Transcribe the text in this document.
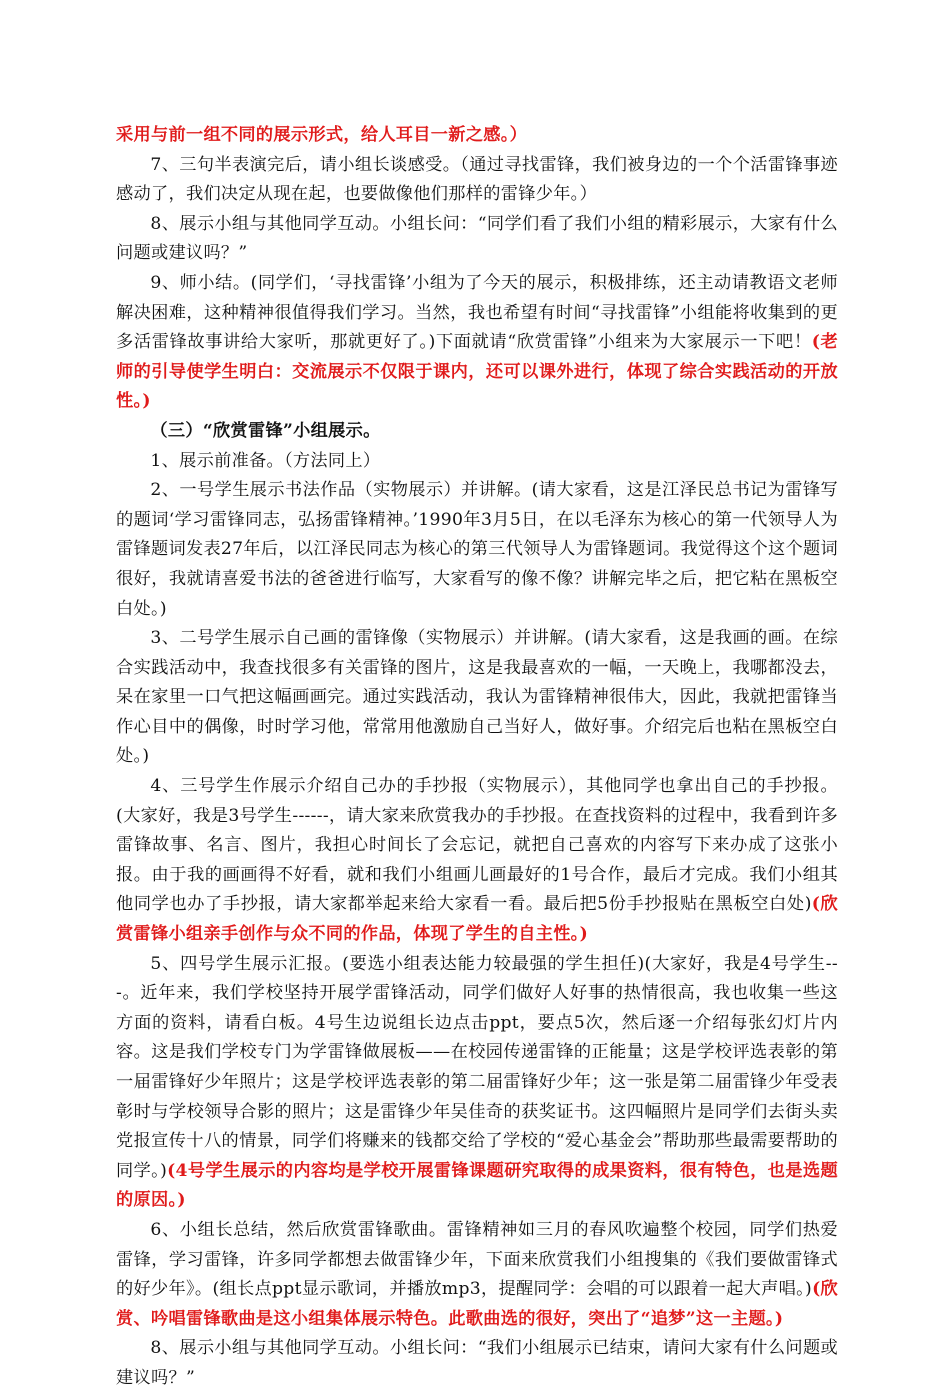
采用与前一组不同的展示形式，给人耳目一新之感。）

7、三句半表演完后，请小组长谈感受。（通过寻找雷锋，我们被身边的一个个活雷锋事迹感动了，我们决定从现在起，也要做像他们那样的雷锋少年。）

8、展示小组与其他同学互动。小组长问：“同学们看了我们小组的精彩展示，大家有什么问题或建议吗？”

9、师小结。(同学们，‘寻找雷锋’小组为了今天的展示，积极排练，还主动请教语文老师解决困难，这种精神很值得我们学习。当然，我也希望有时间“寻找雷锋”小组能将收集到的更多活雷锋故事讲给大家听，那就更好了。)下面就请“欣赏雷锋”小组来为大家展示一下吧！(老师的引导使学生明白：交流展示不仅限于课内，还可以课外进行，体现了综合实践活动的开放性。)

（三）“欣赏雷锋”小组展示。

1、展示前准备。（方法同上）

2、一号学生展示书法作品（实物展示）并讲解。(请大家看，这是江泽民总书记为雷锋写的题词‘学习雷锋同志，弘扬雷锋精神。’1990年3月5日，在以毛泽东为核心的第一代领导人为雷锋题词发表27年后，以江泽民同志为核心的第三代领导人为雷锋题词。我觉得这个这个题词很好，我就请喜爱书法的爸爸进行临写，大家看写的像不像？讲解完毕之后，把它粘在黑板空白处。)

3、二号学生展示自己画的雷锋像（实物展示）并讲解。(请大家看，这是我画的画。在综合实践活动中，我查找很多有关雷锋的图片，这是我最喜欢的一幅，一天晚上，我哪都没去，呆在家里一口气把这幅画画完。通过实践活动，我认为雷锋精神很伟大，因此，我就把雷锋当作心目中的偶像，时时学习他，常常用他激励自己当好人，做好事。介绍完后也粘在黑板空白处。)

4、三号学生作展示介绍自己办的手抄报（实物展示），其他同学也拿出自己的手抄报。(大家好，我是3号学生------，请大家来欣赏我办的手抄报。在查找资料的过程中，我看到许多雷锋故事、名言、图片，我担心时间长了会忘记，就把自己喜欢的内容写下来办成了这张小报。由于我的画画得不好看，就和我们小组画儿画最好的1号合作，最后才完成。我们小组其他同学也办了手抄报，请大家都举起来给大家看一看。最后把5份手抄报贴在黑板空白处)(欣赏雷锋小组亲手创作与众不同的作品，体现了学生的自主性。)

5、四号学生展示汇报。(要选小组表达能力较最强的学生担任)(大家好，我是4号学生---。近年来，我们学校坚持开展学雷锋活动，同学们做好人好事的热情很高，我也收集一些这方面的资料，请看白板。4号生边说组长边点击ppt，要点5次，然后逐一介绍每张幻灯片内容。这是我们学校专门为学雷锋做展板——在校园传递雷锋的正能量；这是学校评选表彰的第一届雷锋好少年照片；这是学校评选表彰的第二届雷锋好少年；这一张是第二届雷锋少年受表彰时与学校领导合影的照片；这是雷锋少年吴佳奇的获奖证书。这四幅照片是同学们去街头卖党报宣传十八的情景，同学们将赚来的钱都交给了学校的“爱心基金会”帮助那些最需要帮助的同学。)(4号学生展示的内容均是学校开展雷锋课题研究取得的成果资料，很有特色，也是选题的原因。)

6、小组长总结，然后欣赏雷锋歌曲。雷锋精神如三月的春风吹遍整个校园，同学们热爱雷锋，学习雷锋，许多同学都想去做雷锋少年，下面来欣赏我们小组搜集的《我们要做雷锋式的好少年》。(组长点ppt显示歌词，并播放mp3，提醒同学：会唱的可以跟着一起大声唱。)(欣赏、吟唱雷锋歌曲是这小组集体展示特色。此歌曲选的很好，突出了“追梦”这一主题。)

8、展示小组与其他同学互动。小组长问：“我们小组展示已结束，请问大家有什么问题或建议吗？”
